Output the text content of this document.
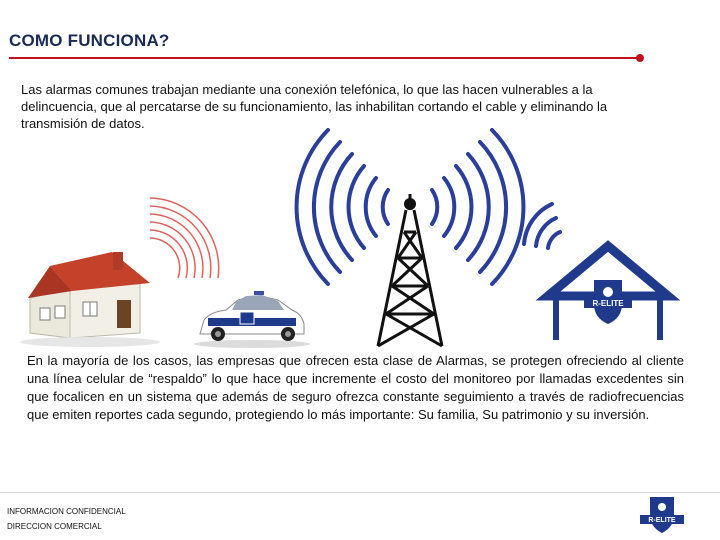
COMO FUNCIONA?
Las alarmas comunes trabajan mediante una conexión telefónica, lo que las hacen vulnerables a la delincuencia, que al percatarse de su funcionamiento, las inhabilitan cortando el cable y eliminando la transmisión de datos.
R-ELITE
En la mayoría de los casos, las empresas que ofrecen esta clase de Alarmas, se protegen ofreciendo al cliente una línea celular de “respaldo” lo que hace que incremente el costo del monitoreo por llamadas excedentes sin que focalicen en un sistema que además de seguro ofrezca constante seguimiento a través de radiofrecuencias que emiten reportes cada segundo, protegiendo lo más importante: Su familia, Su patrimonio y su inversión.
INFORMACION CONFIDENCIAL
DIRECCION COMERCIAL
R-ELITE
